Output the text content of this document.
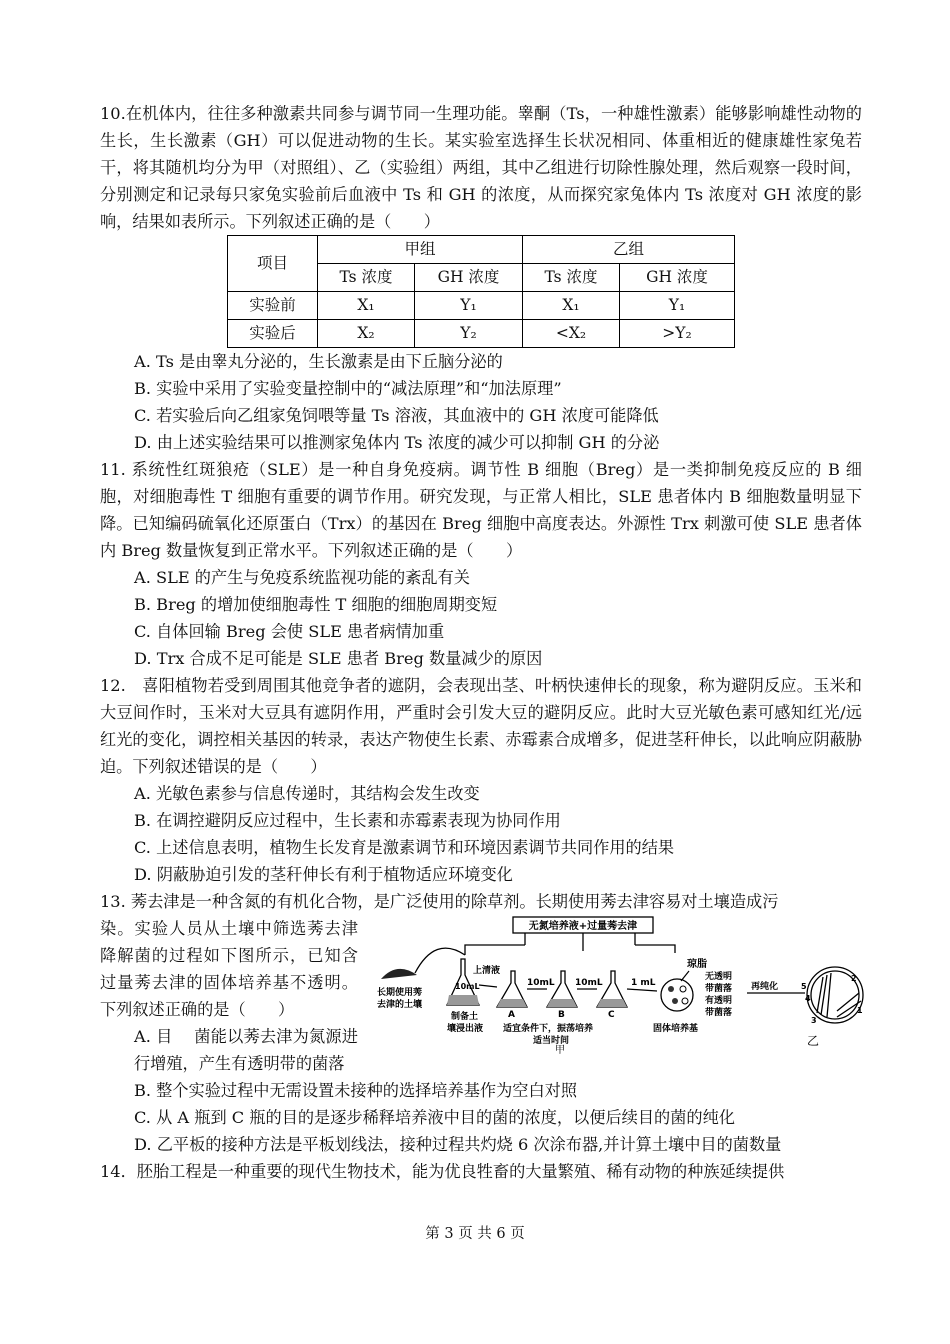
10.在机体内，往往多种激素共同参与调节同一生理功能。睾酮（Ts，一种雄性激素）能够影响雄性动物的生长，生长激素（GH）可以促进动物的生长。某实验室选择生长状况相同、体重相近的健康雄性家兔若干，将其随机均分为甲（对照组）、乙（实验组）两组，其中乙组进行切除性腺处理，然后观察一段时间，分别测定和记录每只家兔实验前后血液中 Ts 和 GH 的浓度，从而探究家兔体内 Ts 浓度对 GH 浓度的影响，结果如表所示。下列叙述正确的是（　　）

项目	甲组		乙组	
	Ts 浓度	GH 浓度	Ts 浓度	GH 浓度
实验前	X₁	Y₁	X₁	Y₁
实验后	X₂	Y₂	<X₂	>Y₂

A. Ts 是由睾丸分泌的，生长激素是由下丘脑分泌的

B. 实验中采用了实验变量控制中的“减法原理”和“加法原理”

C. 若实验后向乙组家兔饲喂等量 Ts 溶液，其血液中的 GH 浓度可能降低

D. 由上述实验结果可以推测家兔体内 Ts 浓度的减少可以抑制 GH 的分泌

11. 系统性红斑狼疮（SLE）是一种自身免疫病。调节性 B 细胞（Breg）是一类抑制免疫反应的 B 细胞，对细胞毒性 T 细胞有重要的调节作用。研究发现，与正常人相比，SLE 患者体内 B 细胞数量明显下降。已知编码硫氧化还原蛋白（Trx）的基因在 Breg 细胞中高度表达。外源性 Trx 刺激可使 SLE 患者体内 Breg 数量恢复到正常水平。下列叙述正确的是（　　）

A. SLE 的产生与免疫系统监视功能的紊乱有关

B. Breg 的增加使细胞毒性 T 细胞的细胞周期变短

C. 自体回输 Breg 会使 SLE 患者病情加重

D. Trx 合成不足可能是 SLE 患者 Breg 数量减少的原因

12.　喜阳植物若受到周围其他竞争者的遮阴，会表现出茎、叶柄快速伸长的现象，称为避阴反应。玉米和大豆间作时，玉米对大豆具有遮阴作用，严重时会引发大豆的避阴反应。此时大豆光敏色素可感知红光/远红光的变化，调控相关基因的转录，表达产物使生长素、赤霉素合成增多，促进茎秆伸长，以此响应阴蔽胁迫。下列叙述错误的是（　　）

A. 光敏色素参与信息传递时，其结构会发生改变

B. 在调控避阴反应过程中，生长素和赤霉素表现为协同作用

C. 上述信息表明，植物生长发育是激素调节和环境因素调节共同作用的结果

D. 阴蔽胁迫引发的茎秆伸长有利于植物适应环境变化

13. 莠去津是一种含氮的有机化合物，是广泛使用的除草剂。长期使用莠去津容易对土壤造成污

染。实验人员从土壤中筛选莠去津降解菌的过程如下图所示，已知含过量莠去津的固体培养基不透明。下列叙述正确的是（　　）

A. 目　 菌能以莠去津为氮源进行增殖，产生有透明带的菌落

无氮培养液+过量莠去津
长期使用莠
去津的土壤
上清液
10mL	10mL 10mL	1 mL
A	B	C
制备土
壤浸出液 适宜条件下，振荡培养
适当时间
琼脂
固体培养基
无透明
带菌落
有透明
带菌落
再纯化	5
4
3
2
1
甲
乙

B. 整个实验过程中无需设置未接种的选择培养基作为空白对照

C. 从 A 瓶到 C 瓶的目的是逐步稀释培养液中目的菌的浓度，以便后续目的菌的纯化

D. 乙平板的接种方法是平板划线法，接种过程共灼烧 6 次涂布器,并计算土壤中目的菌数量

14．胚胎工程是一种重要的现代生物技术，能为优良牲畜的大量繁殖、稀有动物的种族延续提供

第 3 页 共 6 页
